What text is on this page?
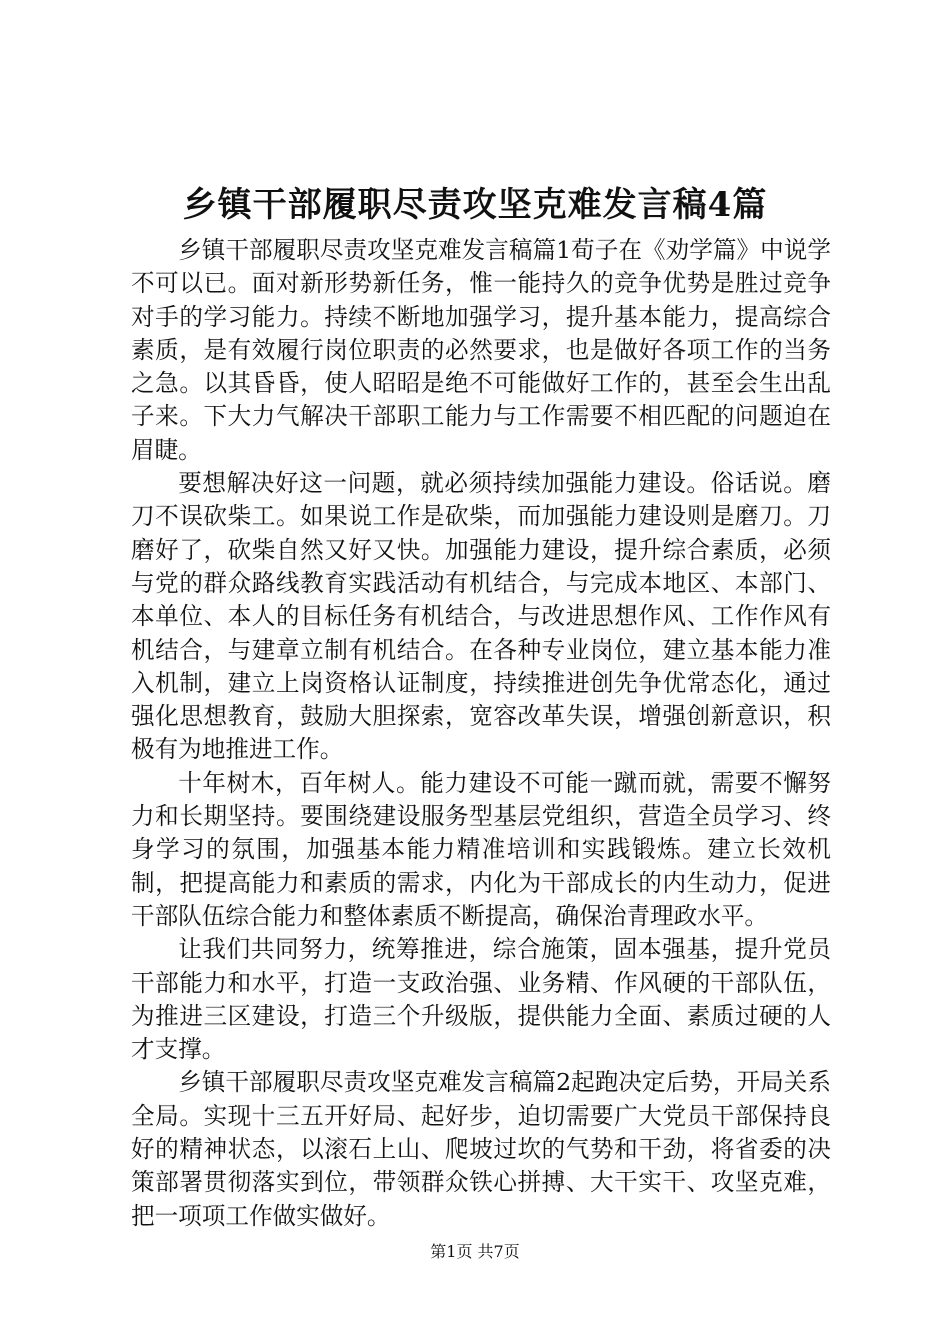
乡镇干部履职尽责攻坚克难发言稿4篇

乡镇干部履职尽责攻坚克难发言稿篇1荀子在《劝学篇》中说学不可以已。面对新形势新任务，惟一能持久的竞争优势是胜过竞争对手的学习能力。持续不断地加强学习，提升基本能力，提高综合素质，是有效履行岗位职责的必然要求，也是做好各项工作的当务之急。以其昏昏，使人昭昭是绝不可能做好工作的，甚至会生出乱子来。下大力气解决干部职工能力与工作需要不相匹配的问题迫在眉睫。

要想解决好这一问题，就必须持续加强能力建设。俗话说。磨刀不误砍柴工。如果说工作是砍柴，而加强能力建设则是磨刀。刀磨好了，砍柴自然又好又快。加强能力建设，提升综合素质，必须与党的群众路线教育实践活动有机结合，与完成本地区、本部门、本单位、本人的目标任务有机结合，与改进思想作风、工作作风有机结合，与建章立制有机结合。在各种专业岗位，建立基本能力准入机制，建立上岗资格认证制度，持续推进创先争优常态化，通过强化思想教育，鼓励大胆探索，宽容改革失误，增强创新意识，积极有为地推进工作。

十年树木，百年树人。能力建设不可能一蹴而就，需要不懈努力和长期坚持。要围绕建设服务型基层党组织，营造全员学习、终身学习的氛围，加强基本能力精准培训和实践锻炼。建立长效机制，把提高能力和素质的需求，内化为干部成长的内生动力，促进干部队伍综合能力和整体素质不断提高，确保治青理政水平。

让我们共同努力，统筹推进，综合施策，固本强基，提升党员干部能力和水平，打造一支政治强、业务精、作风硬的干部队伍，为推进三区建设，打造三个升级版，提供能力全面、素质过硬的人才支撑。

乡镇干部履职尽责攻坚克难发言稿篇2起跑决定后势，开局关系全局。实现十三五开好局、起好步，迫切需要广大党员干部保持良好的精神状态，以滚石上山、爬坡过坎的气势和干劲，将省委的决策部署贯彻落实到位，带领群众铁心拼搏、大干实干、攻坚克难，把一项项工作做实做好。

第1页 共7页
